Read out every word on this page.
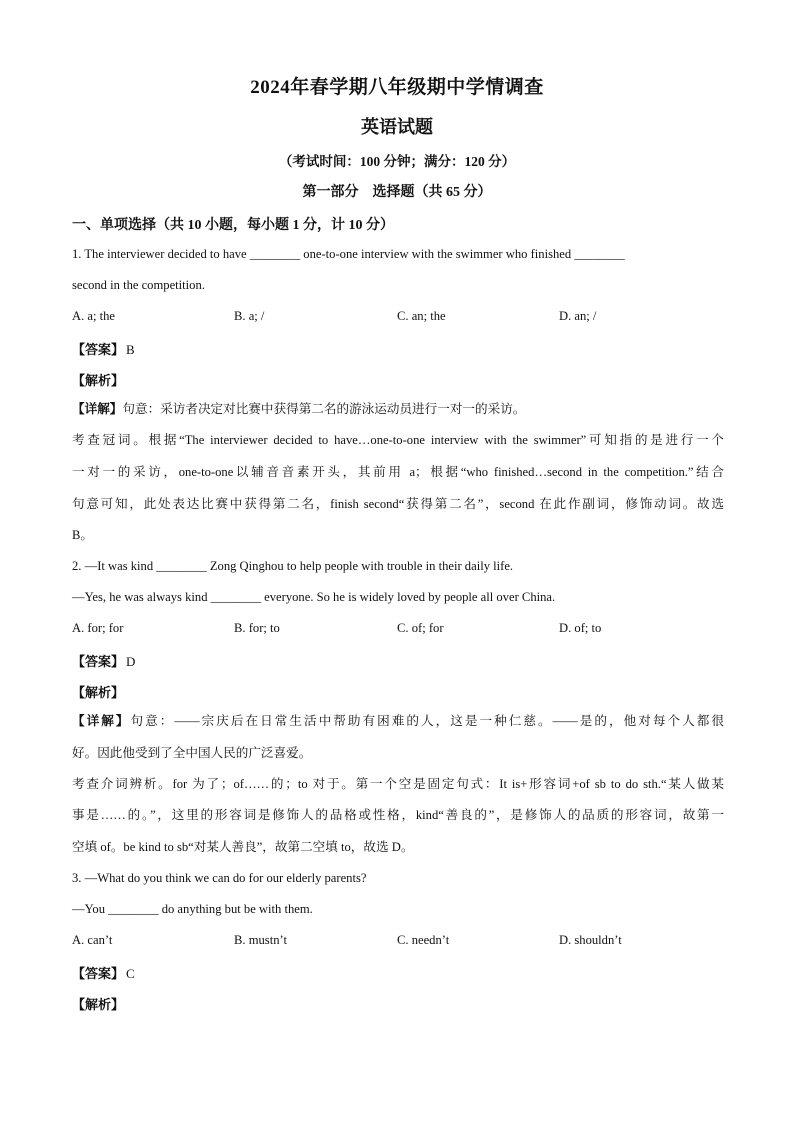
2024年春学期八年级期中学情调查
英语试题
（考试时间：100 分钟；满分：120 分）
第一部分　选择题（共 65 分）
一、单项选择（共 10 小题，每小题 1 分，计 10 分）
1. The interviewer decided to have ________ one-to-one interview with the swimmer who finished ________
second in the competition.
A. a; the	B. a; /	C. an; the	D. an; /
【答案】 B
【解析】
【详解】句意：采访者决定对比赛中获得第二名的游泳运动员进行一对一的采访。
考查冠词。根据“The interviewer decided to have…one-to-one interview with the swimmer”可知指的是进行一个
一对一的采访，one-to-one以辅音音素开头，其前用 a；根据“who finished…second in the competition.”结合
句意可知，此处表达比赛中获得第二名，finish second“获得第二名”，second 在此作副词，修饰动词。故选
B。
2. —It was kind ________ Zong Qinghou to help people with trouble in their daily life.
—Yes, he was always kind ________ everyone. So he is widely loved by people all over China.
A. for; for	B. for; to	C. of; for	D. of; to
【答案】 D
【解析】
【详解】句意：——宗庆后在日常生活中帮助有困难的人，这是一种仁慈。——是的，他对每个人都很
好。因此他受到了全中国人民的广泛喜爱。
考查介词辨析。for 为了；of……的；to 对于。第一个空是固定句式：It is+形容词+of sb to do sth.“某人做某
事是……的。”，这里的形容词是修饰人的品格或性格，kind“善良的”，是修饰人的品质的形容词，故第一
空填 of。be kind to sb“对某人善良”，故第二空填 to，故选 D。
3. —What do you think we can do for our elderly parents?
—You ________ do anything but be with them.
A. can’t	B. mustn’t	C. needn’t	D. shouldn’t
【答案】 C
【解析】
